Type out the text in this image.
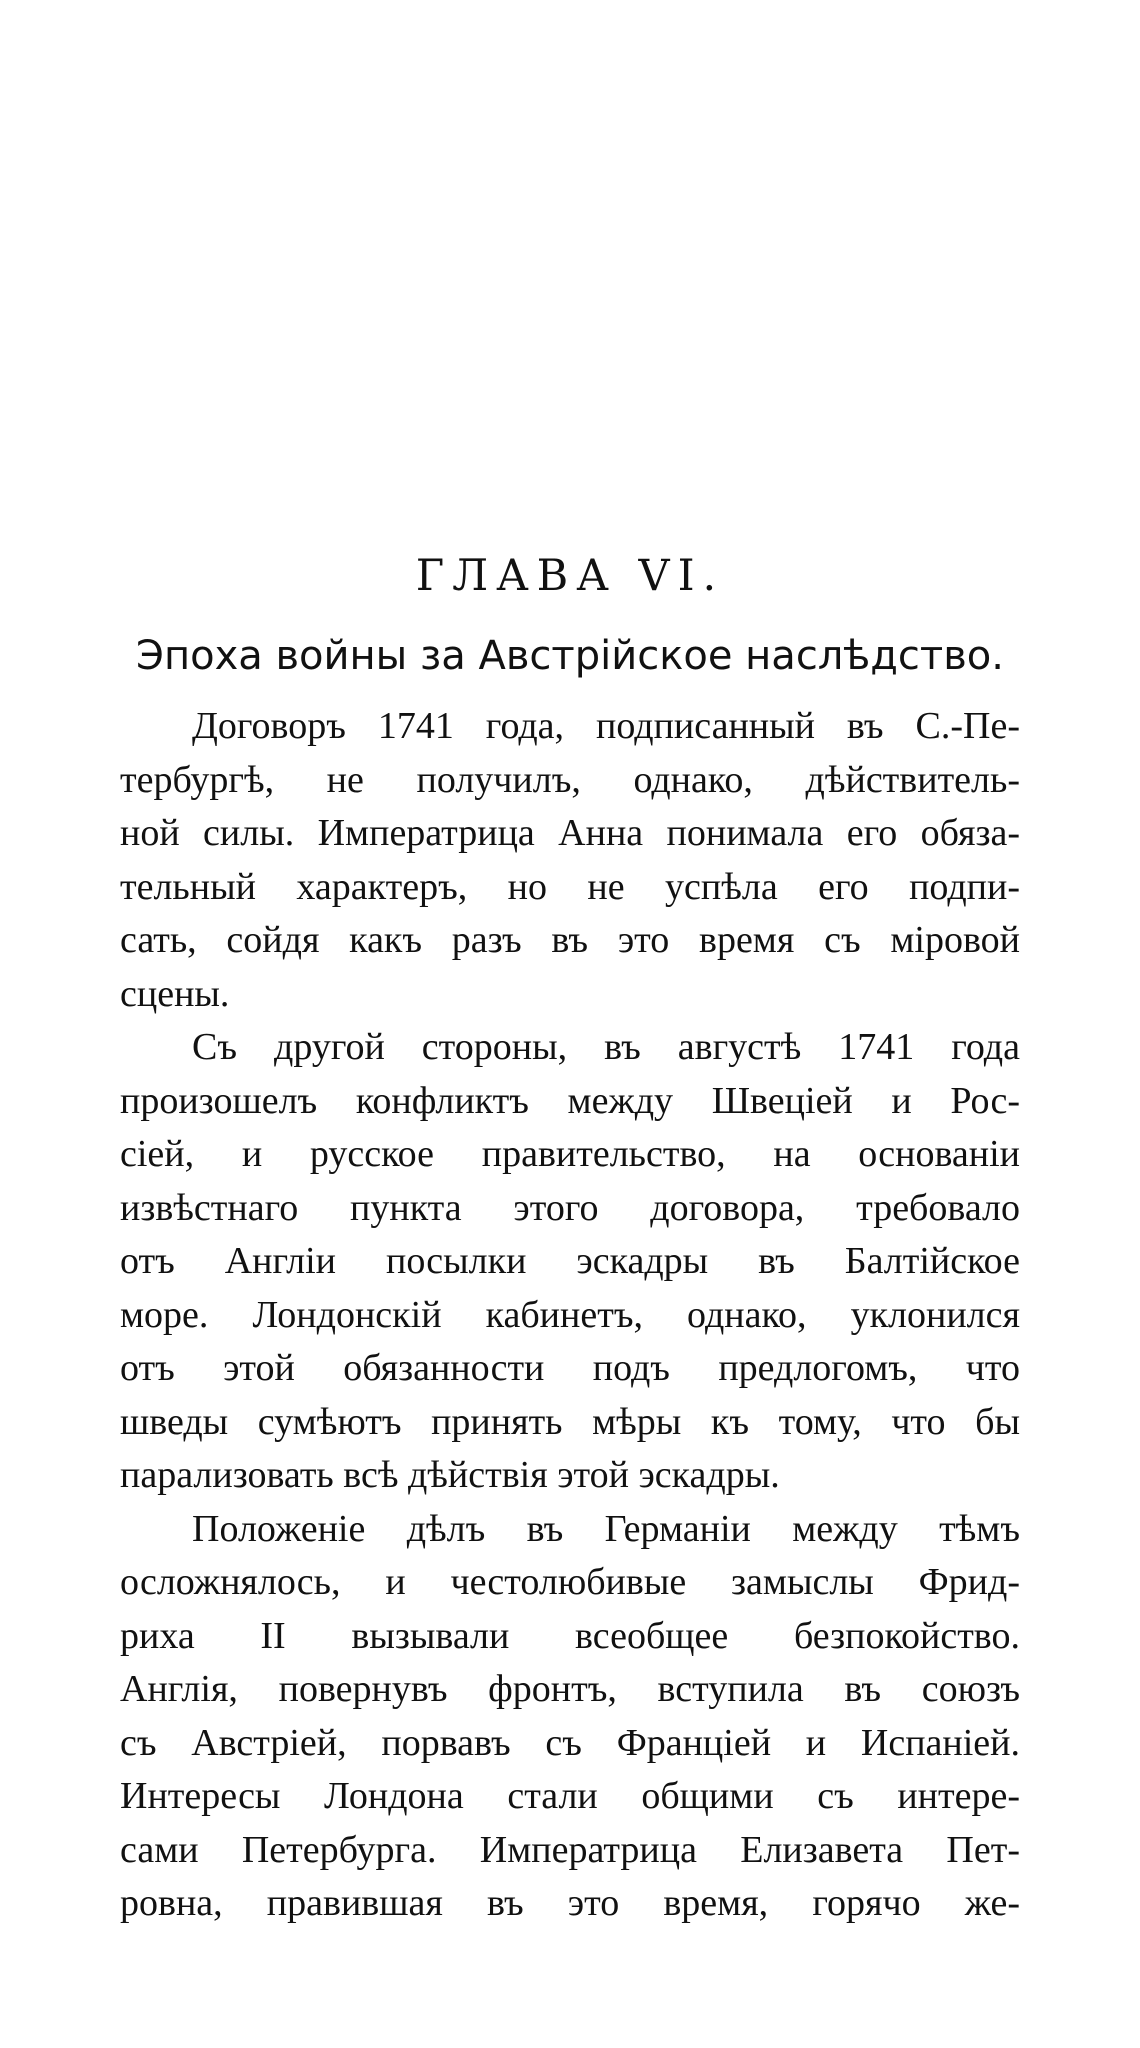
ГЛАВА VI.
Эпоха войны за Австрійское наслѣдство.
Договоръ 1741 года, подписанный въ С.-Пе-
тербургѣ, не получилъ, однако, дѣйствитель-
ной силы. Императрица Анна понимала его обяза-
тельный характеръ, но не успѣла его подпи-
сать, сойдя какъ разъ въ это время съ міровой
сцены.
Съ другой стороны, въ августѣ 1741 года
произошелъ конфликтъ между Швеціей и Рос-
сіей, и русское правительство, на основаніи
извѣстнаго пункта этого договора, требовало
отъ Англіи посылки эскадры въ Балтійское
море. Лондонскій кабинетъ, однако, уклонился
отъ этой обязанности подъ предлогомъ, что
шведы сумѣютъ принять мѣры къ тому, что бы
парализовать всѣ дѣйствія этой эскадры.
Положеніе дѣлъ въ Германіи между тѣмъ
осложнялось, и честолюбивые замыслы Фрид-
риха II вызывали всеобщее безпокойство.
Англія, повернувъ фронтъ, вступила въ союзъ
съ Австріей, порвавъ съ Франціей и Испаніей.
Интересы Лондона стали общими съ интере-
сами Петербурга. Императрица Елизавета Пет-
ровна, правившая въ это время, горячо же-
